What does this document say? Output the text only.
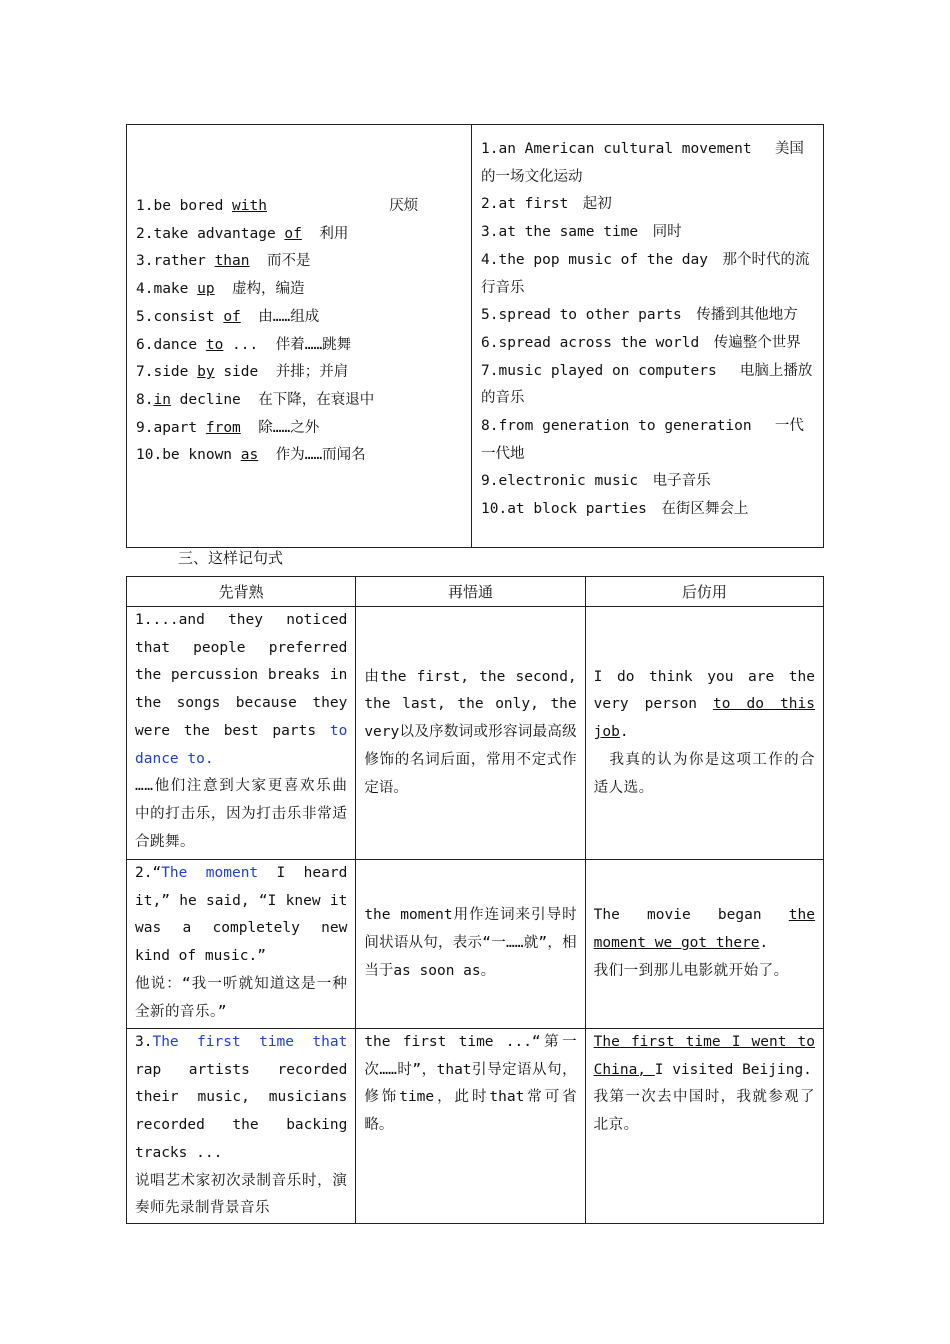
1.be bored with	厌烦
2.take advantage of 利用
3.rather than 而不是
4.make up 虚构，编造
5.consist of 由……组成
6.dance to ... 伴着……跳舞
7.side by side 并排；并肩
8.in decline 在下降，在衰退中
9.apart from 除……之外
10.be known as 作为……而闻名

1.an American cultural movement　 美国的一场文化运动
2.at first　起初
3.at the same time　同时
4.the pop music of the day　那个时代的流行音乐
5.spread to other parts　传播到其他地方
6.spread across the world　传遍整个世界
7.music played on computers　 电脑上播放的音乐
8.from generation to generation　 一代一代地
9.electronic music　电子音乐
10.at block parties　在街区舞会上
三、这样记句式
先背熟	再悟通	后仿用
1....and they noticed that people preferred the percussion breaks in the songs because they were the best parts to dance to.
……他们注意到大家更喜欢乐曲中的打击乐，因为打击乐非常适合跳舞。	由the first, the second, the last, the only, the very以及序数词或形容词最高级修饰的名词后面，常用不定式作定语。	I do think you are the very person to do this job.
　我真的认为你是这项工作的合适人选。
2.“The moment I heard it,” he said, “I knew it was a completely new kind of music.”
他说：“我一听就知道这是一种全新的音乐。”	the moment用作连词来引导时间状语从句，表示“一……就”，相当于as soon as。	The movie began the moment we got there.
我们一到那儿电影就开始了。
3.The first time that rap artists recorded their music, musicians recorded the backing tracks ...
说唱艺术家初次录制音乐时，演奏师先录制背景音乐	the first time ...“第一次……时”，that引导定语从句，修饰time，此时that常可省略。	The first time I went to China, I visited Beijing.
我第一次去中国时，我就参观了北京。
